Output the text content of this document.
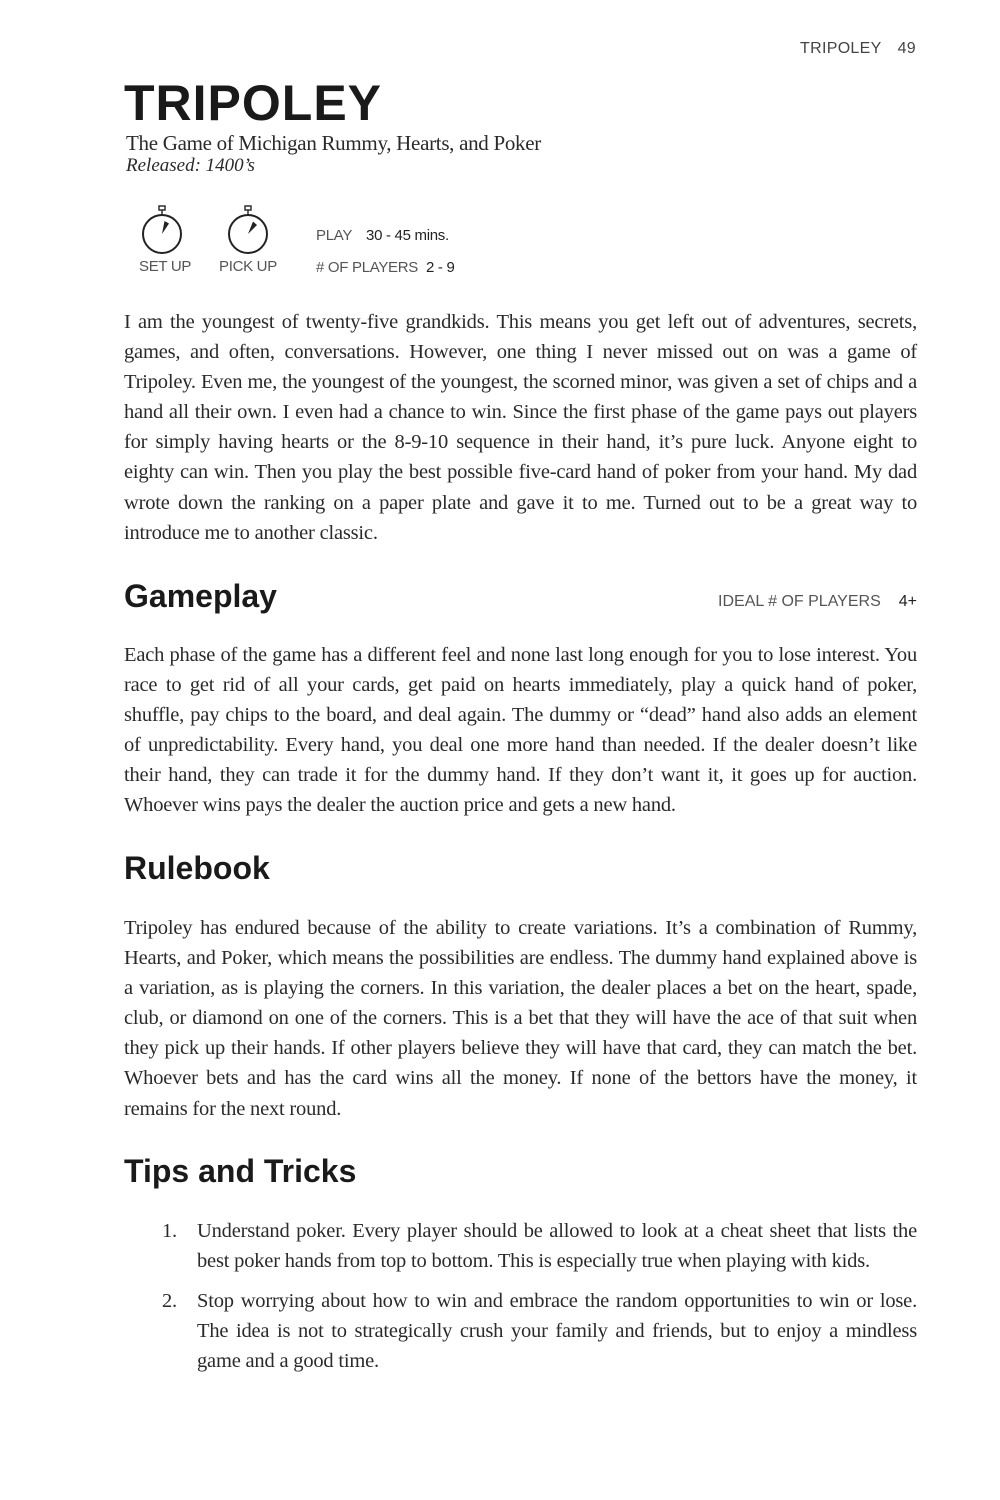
TRIPOLEY 49
TRIPOLEY
The Game of Michigan Rummy, Hearts, and Poker
Released: 1400’s
SET UP PICK UP
PLAY 30 - 45 mins.
# OF PLAYERS 2 - 9

I am the youngest of twenty-five grandkids. This means you get left out of adventures, secrets, games, and often, conversations. However, one thing I never missed out on was a game of Tripoley. Even me, the youngest of the youngest, the scorned minor, was given a set of chips and a hand all their own. I even had a chance to win. Since the first phase of the game pays out players for simply having hearts or the 8-9-10 sequence in their hand, it’s pure luck. Anyone eight to eighty can win. Then you play the best possible five-card hand of poker from your hand. My dad wrote down the ranking on a paper plate and gave it to me. Turned out to be a great way to introduce me to another classic.

Gameplay	IDEAL # OF PLAYERS 4+

Each phase of the game has a different feel and none last long enough for you to lose interest. You race to get rid of all your cards, get paid on hearts immediately, play a quick hand of poker, shuffle, pay chips to the board, and deal again. The dummy or “dead” hand also adds an element of unpredictability. Every hand, you deal one more hand than needed. If the dealer doesn’t like their hand, they can trade it for the dummy hand. If they don’t want it, it goes up for auction. Whoever wins pays the dealer the auction price and gets a new hand.

Rulebook

Tripoley has endured because of the ability to create variations. It’s a combination of Rummy, Hearts, and Poker, which means the possibilities are endless. The dummy hand explained above is a variation, as is playing the corners. In this variation, the dealer places a bet on the heart, spade, club, or diamond on one of the corners. This is a bet that they will have the ace of that suit when they pick up their hands. If other players believe they will have that card, they can match the bet. Whoever bets and has the card wins all the money. If none of the bettors have the money, it remains for the next round.

Tips and Tricks
1. Understand poker. Every player should be allowed to look at a cheat sheet that lists the best poker hands from top to bottom. This is especially true when playing with kids.
2. Stop worrying about how to win and embrace the random opportunities to win or lose. The idea is not to strategically crush your family and friends, but to enjoy a mindless game and a good time.
